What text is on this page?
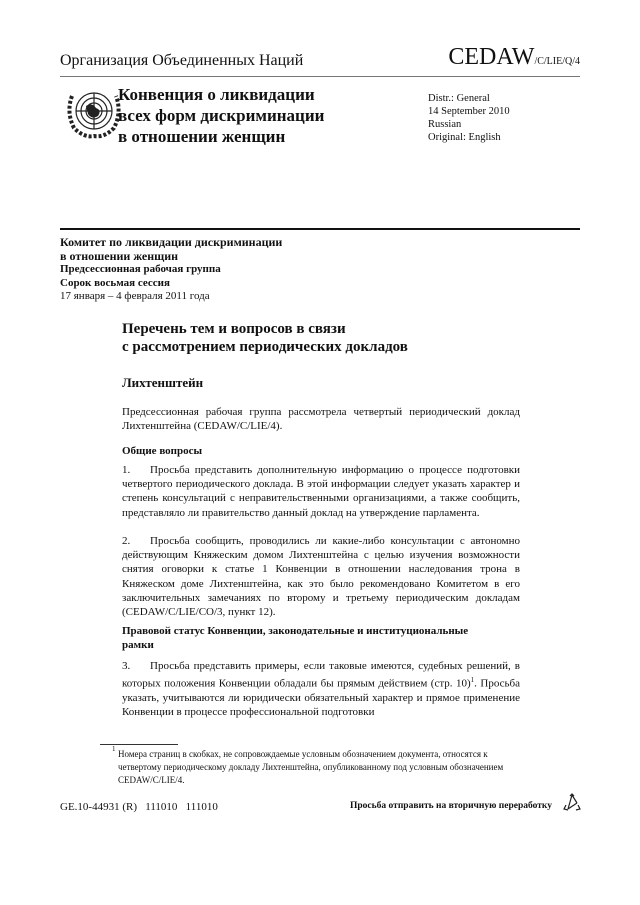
Организация Объединенных Наций	CEDAW/C/LIE/Q/4
Конвенция о ликвидации
всех форм дискриминации
в отношении женщин
Distr.: General
14 September 2010
Russian
Original: English
Комитет по ликвидации дискриминации
в отношении женщин
Предсессионная рабочая группа
Сорок восьмая сессия
17 января – 4 февраля 2011 года
Перечень тем и вопросов в связи
с рассмотрением периодических докладов
Лихтенштейн
Предсессионная рабочая группа рассмотрела четвертый периодический доклад Лихтенштейна (CEDAW/C/LIE/4).
Общие вопросы
1. Просьба представить дополнительную информацию о процессе подготовки четвертого периодического доклада. В этой информации следует указать характер и степень консультаций с неправительственными организациями, а также сообщить, представлялo ли правительство данный доклад на утверждение парламента.
2. Просьба сообщить, проводились ли какие-либо консультации с автономно действующим Княжеским домом Лихтенштейна с целью изучения возможности снятия оговорки к статье 1 Конвенции в отношении наследования трона в Княжеском доме Лихтенштейна, как это было рекомендовано Комитетом в его заключительных замечаниях по второму и третьему периодическим докладам (CEDAW/C/LIE/CO/3, пункт 12).
Правовой статус Конвенции, законодательные и институциональные рамки
3. Просьба представить примеры, если таковые имеются, судебных решений, в которых положения Конвенции обладали бы прямым действием (стр. 10)$^1$. Просьба указать, учитываются ли юридически обязательный характер и прямое применение Конвенции в процессе профессиональной подготовки
1 Номера страниц в скобках, не сопровождаемые условным обозначением документа, относятся к четвертому периодическому докладу Лихтенштейна, опубликованному под условным обозначением CEDAW/C/LIE/4.
GE.10-44931 (R)   111010   111010	Просьба отправить на вторичную переработку
